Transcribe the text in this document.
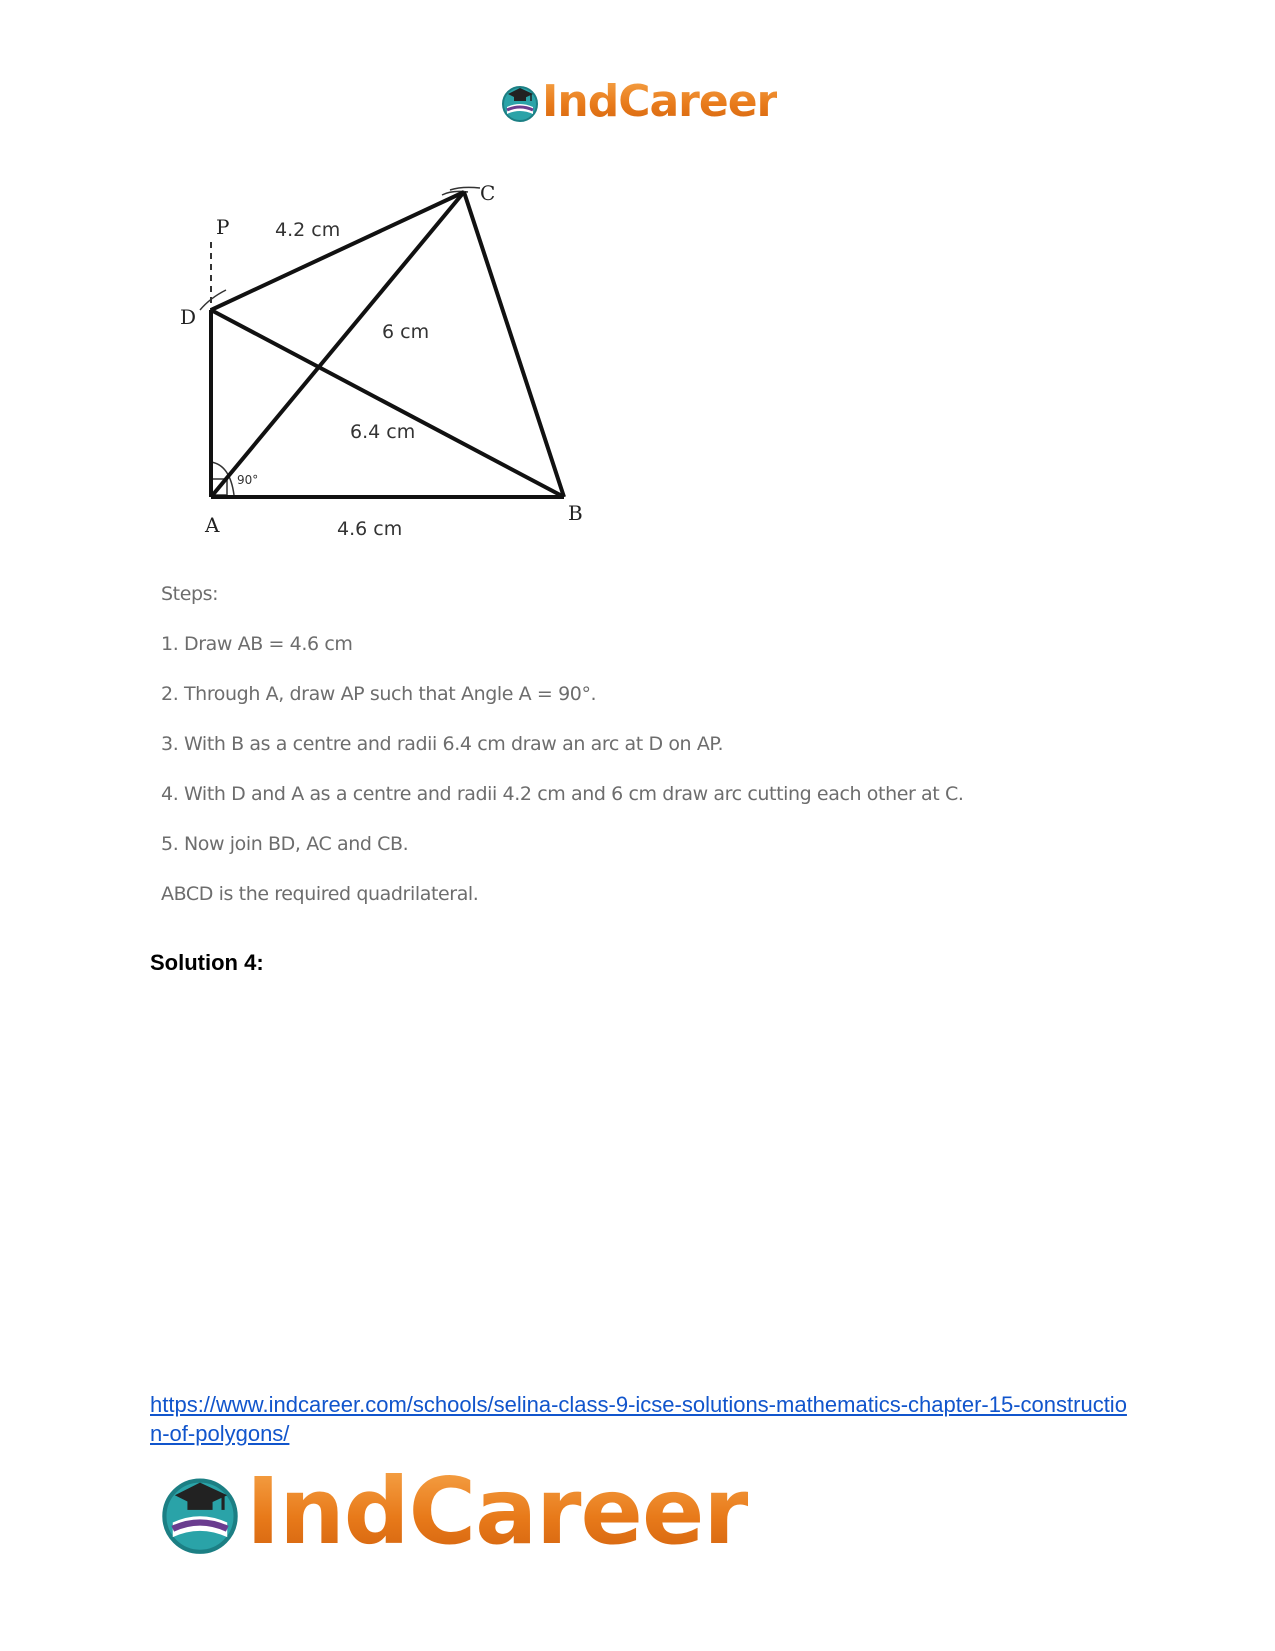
IndCareer
P
D
C
A	B
4.2 cm
6 cm
6.4 cm
4.6 cm
90°

Steps:

1. Draw AB = 4.6 cm

2. Through A, draw AP such that Angle A = 90°.

3. With B as a centre and radii 6.4 cm draw an arc at D on AP.

4. With D and A as a centre and radii 4.2 cm and 6 cm draw arc cutting each other at C.

5. Now join BD, AC and CB.

ABCD is the required quadrilateral.

Solution 4:
https://www.indcareer.com/schools/selina-class-9-icse-solutions-mathematics-chapter-15-construction-of-polygons/
IndCareer
